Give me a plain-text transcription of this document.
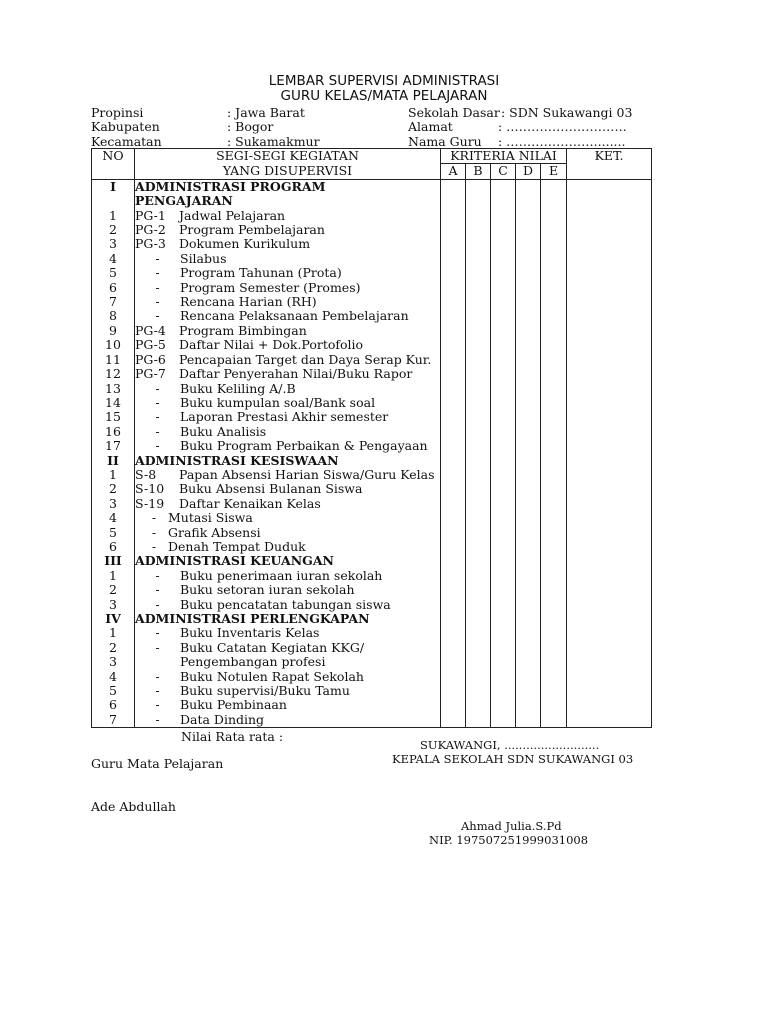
LEMBAR SUPERVISI ADMINISTRASI
GURU KELAS/MATA PELAJARAN
Propinsi	: Jawa Barat
Kabupaten	: Bogor
Kecamatan	: Sukamakmur
Sekolah Dasar : SDN Sukawangi 03
Alamat	: ………………………..
Nama Guru : …………………........
NO	SEGI-SEGI KEGIATAN	KRITERIA NILAI					KET.
	YANG DISUPERVISI	A	B	C	D	E	
I	ADMINISTRASI PROGRAM						
	PENGAJARAN						
1	PG-1 Jadwal Pelajaran						
2	PG-2 Program Pembelajaran						
3	PG-3 Dokumen Kurikulum						
4	- Silabus						
5	- Program Tahunan (Prota)						
6	- Program Semester (Promes)						
7	- Rencana Harian (RH)						
8	- Rencana Pelaksanaan Pembelajaran						
9	PG-4 Program Bimbingan						
10	PG-5 Daftar Nilai + Dok.Portofolio						
11	PG-6 Pencapaian Target dan Daya Serap Kur.						
12	PG-7 Daftar Penyerahan Nilai/Buku Rapor						
13	- Buku Keliling A/.B						
14	- Buku kumpulan soal/Bank soal						
15	- Laporan Prestasi Akhir semester						
16	- Buku Analisis						
17	- Buku Program Perbaikan & Pengayaan						
II	ADMINISTRASI KESISWAAN						
1	S-8 Papan Absensi Harian Siswa/Guru Kelas						
2	S-10 Buku Absensi Bulanan Siswa						
3	S-19 Daftar Kenaikan Kelas						
4	- Mutasi Siswa						
5	- Grafik Absensi						
6	- Denah Tempat Duduk						
III	ADMINISTRASI KEUANGAN						
1	- Buku penerimaan iuran sekolah						
2	- Buku setoran iuran sekolah						
3	- Buku pencatatan tabungan siswa						
IV	ADMINISTRASI PERLENGKAPAN						
1	- Buku Inventaris Kelas						
2	- Buku Catatan Kegiatan KKG/						
3	Pengembangan profesi						
4	- Buku Notulen Rapat Sekolah						
5	- Buku supervisi/Buku Tamu						
6	- Buku Pembinaan						
7	- Data Dinding						
Nilai Rata rata :
SUKAWANGI, ..........................
KEPALA SEKOLAH SDN SUKAWANGI 03
Guru Mata Pelajaran
Ade Abdullah
Ahmad Julia.S.Pd
NIP. 197507251999031008
